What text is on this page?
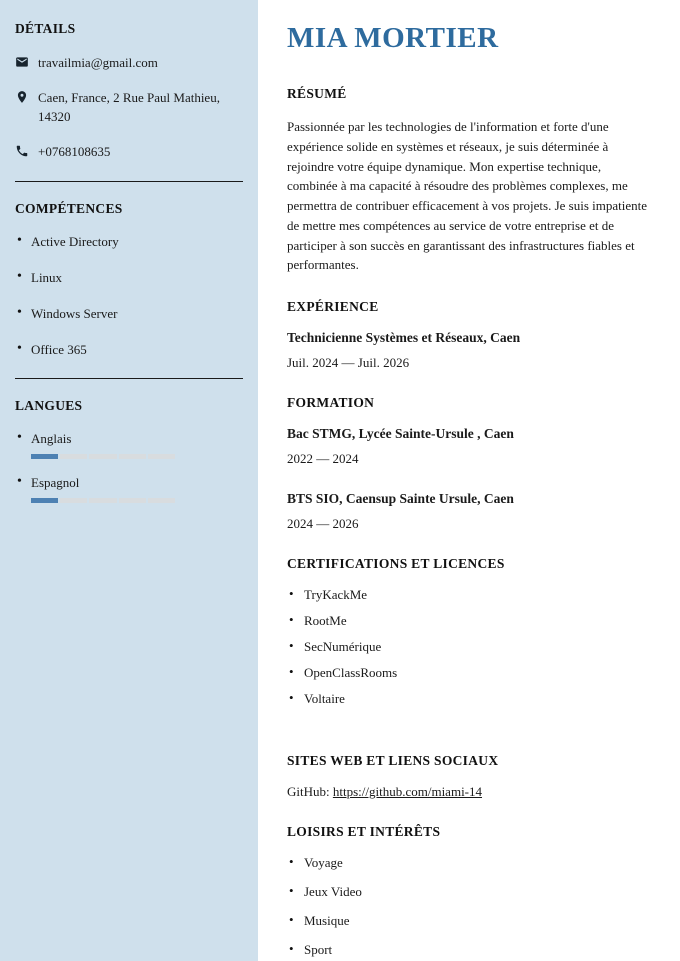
DÉTAILS
travailmia@gmail.com
Caen, France, 2 Rue Paul Mathieu, 14320
+0768108635
COMPÉTENCES
• Active Directory
• Linux
• Windows Server
• Office 365
LANGUES
• Anglais
• Espagnol
MIA MORTIER
RÉSUMÉ

Passionnée par les technologies de l'information et forte d'une expérience solide en systèmes et réseaux, je suis déterminée à rejoindre votre équipe dynamique. Mon expertise technique, combinée à ma capacité à résoudre des problèmes complexes, me permettra de contribuer efficacement à vos projets. Je suis impatiente de mettre mes compétences au service de votre entreprise et de participer à son succès en garantissant des infrastructures fiables et performantes.

EXPÉRIENCE
Technicienne Systèmes et Réseaux, Caen
Juil. 2024 — Juil. 2026
FORMATION
Bac STMG, Lycée Sainte-Ursule , Caen
2022 — 2024
BTS SIO, Caensup Sainte Ursule, Caen
2024 — 2026
CERTIFICATIONS ET LICENCES
• TryKackMe
• RootMe
• SecNumérique
• OpenClassRooms
• Voltaire
SITES WEB ET LIENS SOCIAUX
GitHub: https://github.com/miami-14
LOISIRS ET INTÉRÊTS
• Voyage
• Jeux Video
• Musique
• Sport
